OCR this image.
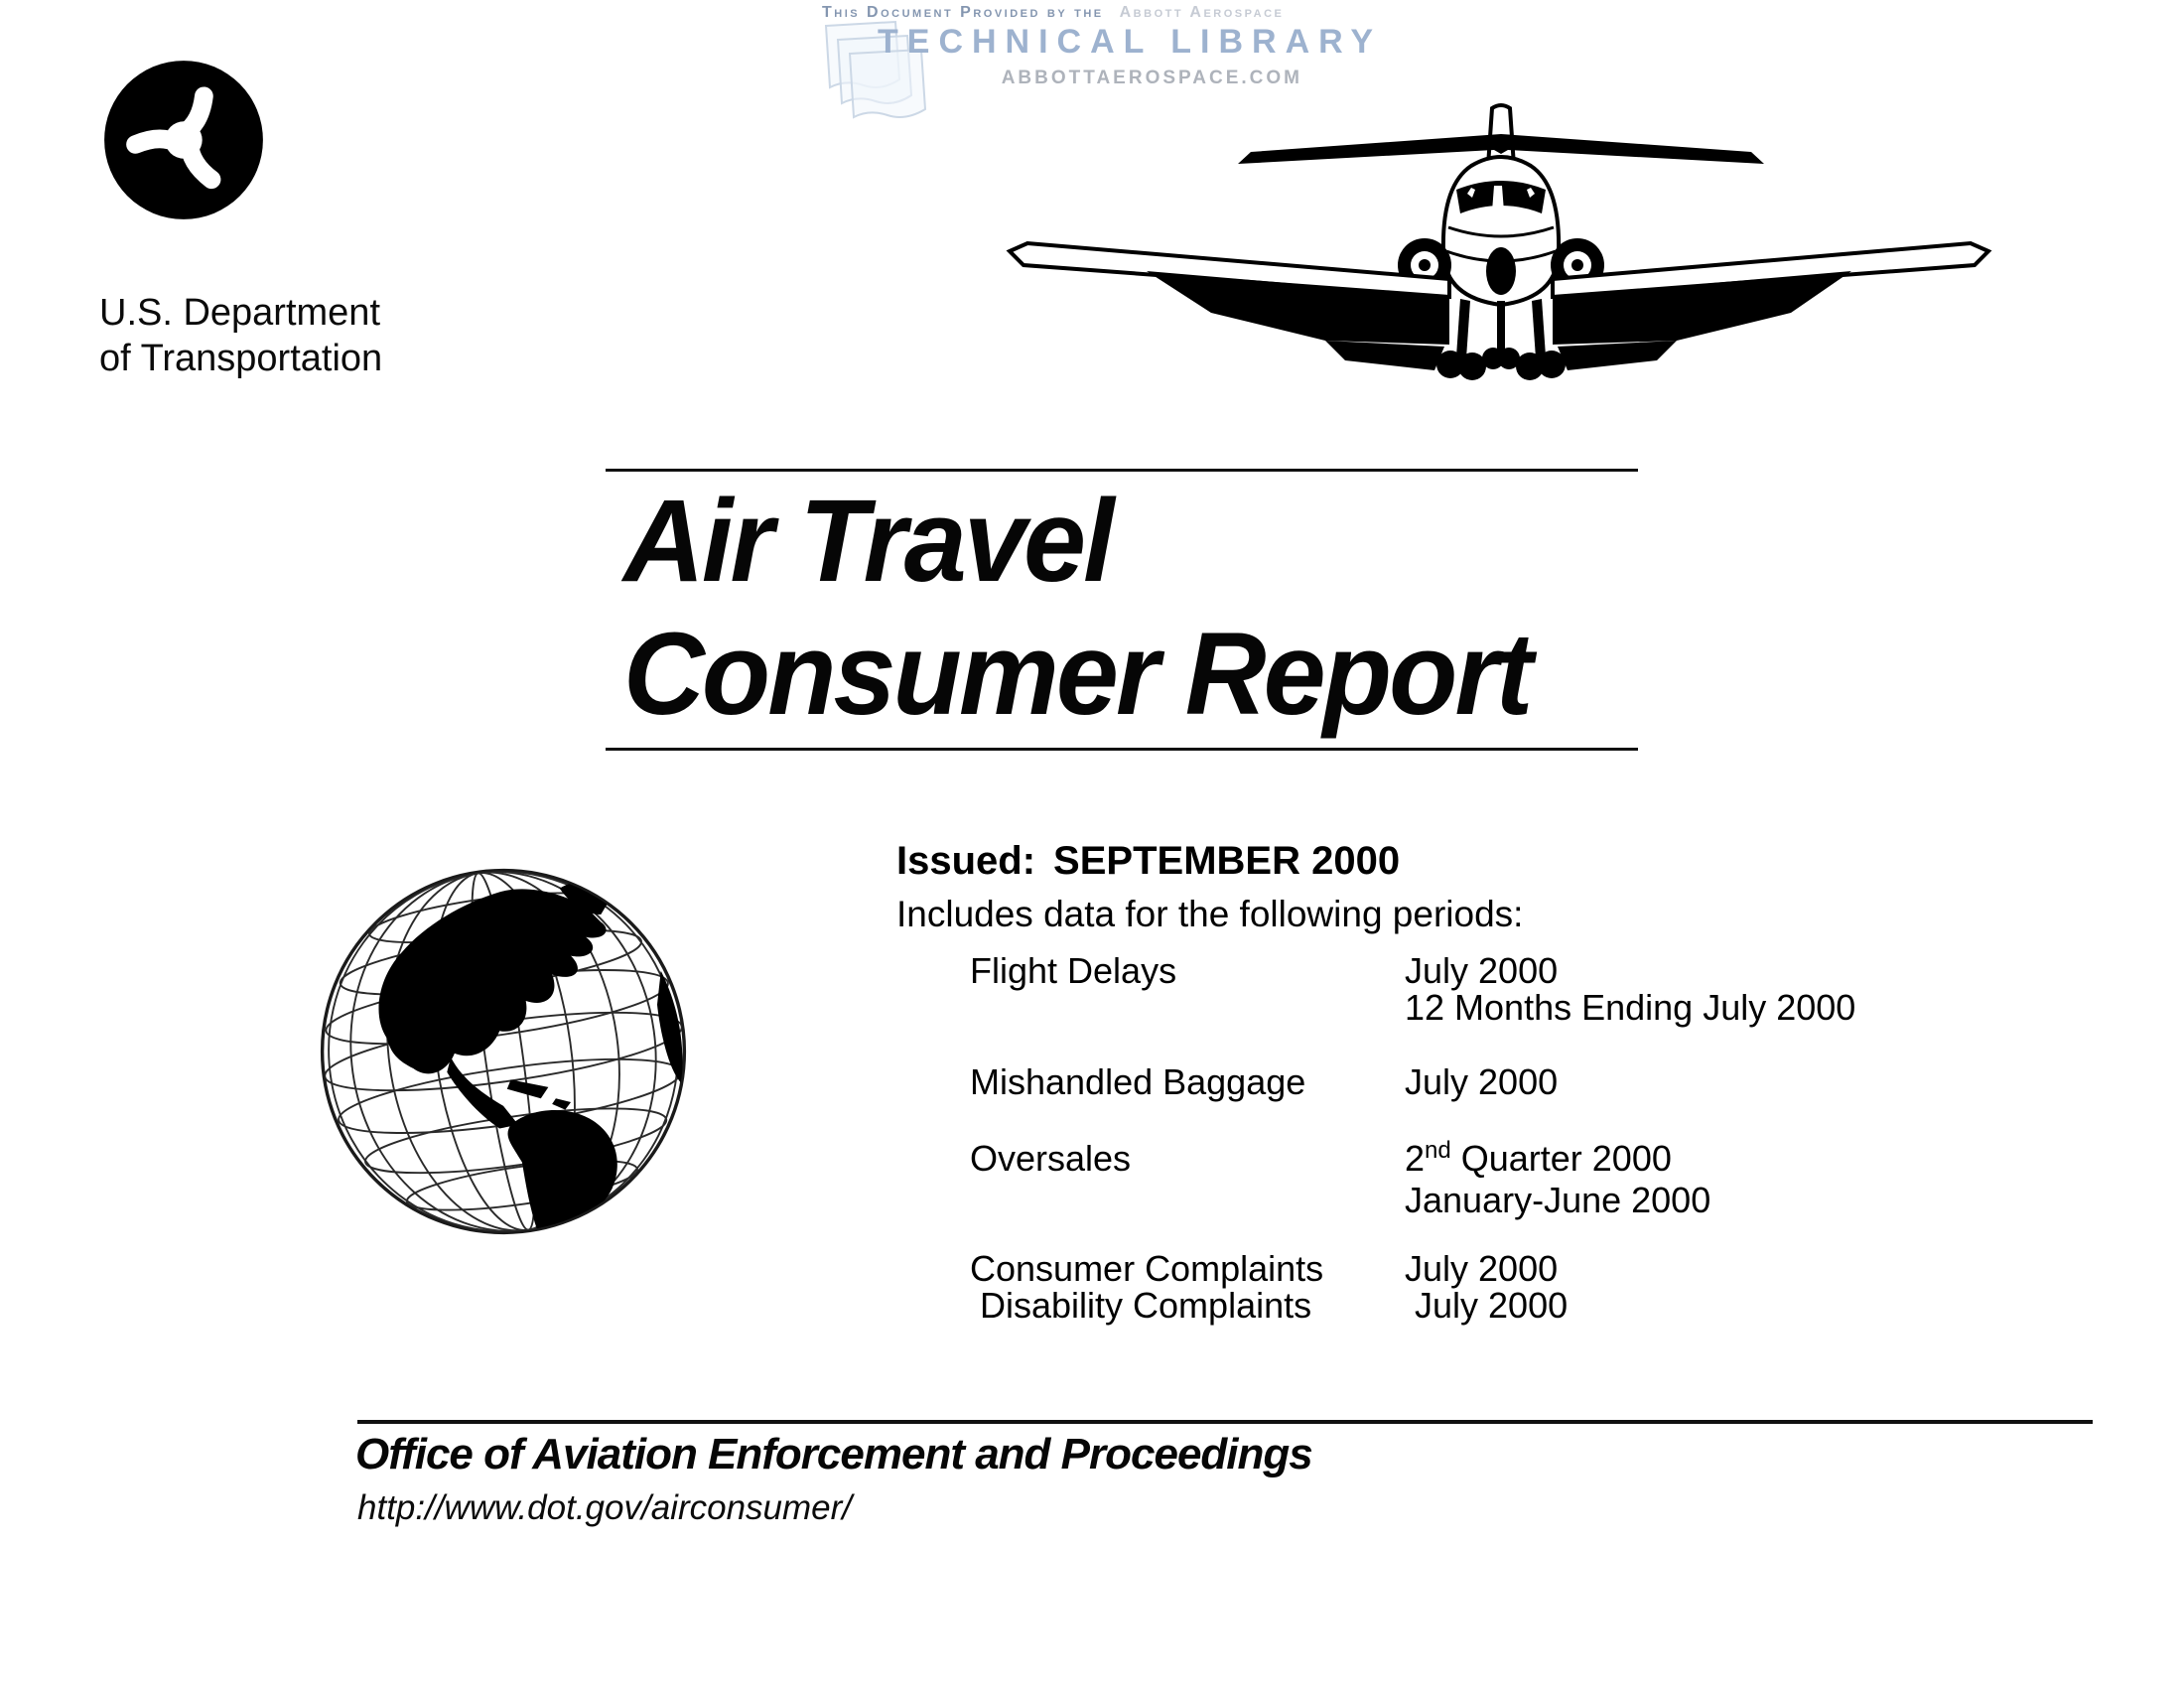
This Document Provided by the Abbott Aerospace
TECHNICAL LIBRARY
ABBOTTAEROSPACE.COM
U.S. Department
of Transportation
Air Travel
Consumer Report
Issued: SEPTEMBER 2000
Includes data for the following periods:
Flight Delays	July 2000
12 Months Ending July 2000
Mishandled Baggage	July 2000
Oversales	2nd Quarter 2000
January-June 2000
Consumer Complaints	July 2000
Disability Complaints	July 2000
Office of Aviation Enforcement and Proceedings
http://www.dot.gov/airconsumer/
